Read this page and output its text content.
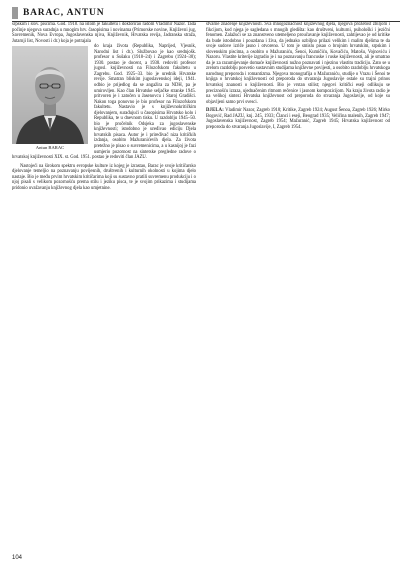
BARAC, ANTUN

srpskim i slov. piscima. God. 1918. na istom je fakultetu i doktorirao radom Vladimir Nazor. Tada počinje njegova suradnja u mnogim hrv. časopisima i novinama (Primorske novine, Književni jug, Savremenik, Nova Evropa, Jugoslavenska njiva, Književnik, Hrvatska revija, Jadranska straža, Jutarnji list, Novosti i dr.) koja je potrajala

Antun BARAC

do kraja života (Republika, Naprijed, Vjesnik, Narodni list i dr.). Službovao je kao srednjošk. profesor u Sušaku (1918–24) i Zagrebu (1924–30); 1930. postao je docent, a 1938. redoviti profesor jugosl. književnosti na Filozofskom fakultetu u Zagrebu. God. 1925–33. bio je urednik Hrvatske revije. Smatran bliskim jugoslavenskoj ideji, 1941. odbio je prijedlog da se angažira za NDH, pa je umirovljen. Kao član Hrvatske seljačke stranke 1945. pritvoren je i zatočen u Jasenovcu i Staroj Gradišci. Nakon toga ponovno je bio profesor na Filozofskom fakultetu. Nastavio je s književnokritičkim djelovanjem, surađujući u časopisima Hrvatsko kolo i Republika, te u dnevnom tisku. U razdoblju 1945–50. bio je pročelnik Odsjeka za jugoslavenske književnosti; istodobno je uređivao ediciju Djela hrvatskih pisaca. Autor je i priređivač niza kritičkih izdanja, osobito Mažuranićevih djela. Za života pretežno je pisao o suvremenicima, a u kasnijoj je fazi usmjerio pozornost na sintetske pregledne radove o hrvatskoj književnosti XIX. st. God. 1951. postao je redoviti član JAZU.

Nastojeći na širokom spektru evropske kulture iz kojeg je izrastao, Barac je svoje kritičarsko djelovanje temeljio na poznavanju povijesnih, društvenih i kulturnih okolnosti u kojima djelo nastaje. Bio je među prvim hrvatskim kritičarima koji su sustavno pratili suvremenu produkciju i o njoj pisali s velikom pozornošću prema stilu i jeziku pisca, te je svojim prikazima i studijama pridonio uvažavanju književnog djela kao umjetnine.

stvarne značenje književnosti. Sva mnogoznačnost književnog djela, njegova prožetost zbiljom i fikcijom, kod njega je sagledana s mnogih gledišta: kao društveni, kulturni, psihološki i jezični fenomen. Zalažući se za znanstveno utemeljeno proučavanje književnosti, zahtijevao je od kritike da bude istodobno i pouzdana i živa, da jednako ozbiljno prilazi velikim i malim djelima te da svoje sudove izriče jasno i otvoreno. U tom je smislu pisao o brojnim hrvatskim, srpskim i slovenskim piscima, a osobito o Mažuraniću, Šenoi, Kumičiću, Kovačiću, Matošu, Vojnoviću i Nazoru. Vlastite kriterije izgradio je i na poznavanju francuske i ruske književnosti, ali je smatrao da je za razumijevanje domaće književnosti nužno poznavati i njezinu vlastitu tradiciju. Zato se u zrelom razdoblju posvetio sustavnim studijama književne povijesti, a osobito razdoblju hrvatskoga narodnog preporoda i romantizma. Njegova monografija o Mažuraniću, studije o Vrazu i Šenoi te knjiga o hrvatskoj književnosti od preporoda do stvaranja Jugoslavije ostale su trajni prinos hrvatskoj znanosti o književnosti. Bio je vrstan stilist; njegovi kritički eseji odlikuju se preciznošću izraza, ujednačenim ritmom rečenice i jasnom kompozicijom. Na kraju života radio je na velikoj sintezi Hrvatska književnost od preporoda do stvaranja Jugoslavije, od koje su objavljeni samo prvi svesci.

DJELA: Vladimir Nazor, Zagreb 1918; Kritike, Zagreb 1924; August Šenoa, Zagreb 1926; Mirko Bogović, Rad JAZU, knj. 245, 1933; Članci i eseji, Beograd 1935; Veličina malenih, Zagreb 1947; Jugoslavenska književnost, Zagreb 1954; Mažuranić, Zagreb 1945; Hrvatska književnost od preporoda do stvaranja Jugoslavije, I, Zagreb 1954.

104
